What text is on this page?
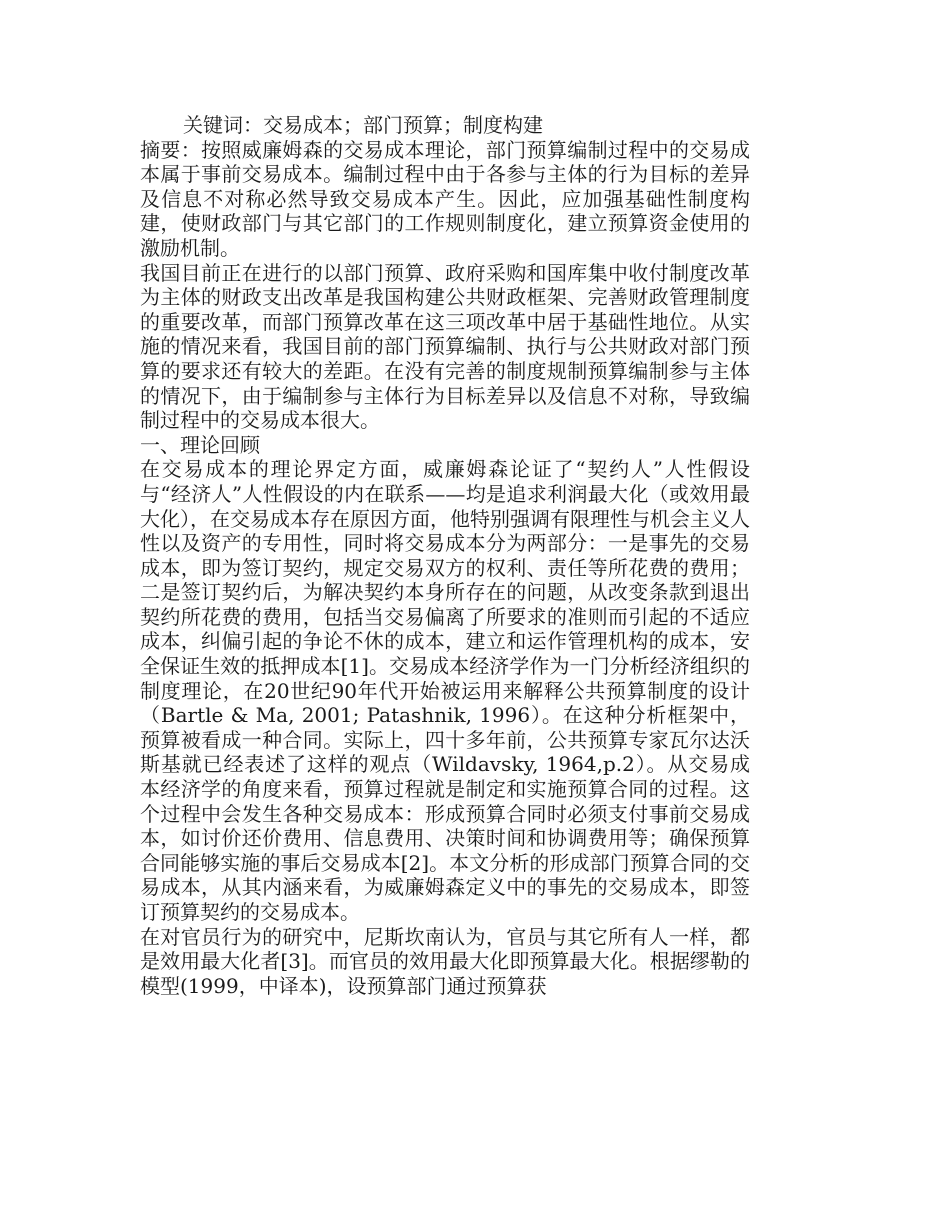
关键词：交易成本；部门预算；制度构建

摘要：按照威廉姆森的交易成本理论，部门预算编制过程中的交易成本属于事前交易成本。编制过程中由于各参与主体的行为目标的差异及信息不对称必然导致交易成本产生。因此，应加强基础性制度构建，使财政部门与其它部门的工作规则制度化，建立预算资金使用的激励机制。

我国目前正在进行的以部门预算、政府采购和国库集中收付制度改革为主体的财政支出改革是我国构建公共财政框架、完善财政管理制度的重要改革，而部门预算改革在这三项改革中居于基础性地位。从实施的情况来看，我国目前的部门预算编制、执行与公共财政对部门预算的要求还有较大的差距。在没有完善的制度规制预算编制参与主体的情况下，由于编制参与主体行为目标差异以及信息不对称，导致编制过程中的交易成本很大。

一、理论回顾

在交易成本的理论界定方面，威廉姆森论证了“契约人”人性假设与“经济人”人性假设的内在联系——均是追求利润最大化（或效用最大化），在交易成本存在原因方面，他特别强调有限理性与机会主义人性以及资产的专用性，同时将交易成本分为两部分：一是事先的交易成本，即为签订契约，规定交易双方的权利、责任等所花费的费用；二是签订契约后，为解决契约本身所存在的问题，从改变条款到退出契约所花费的费用，包括当交易偏离了所要求的准则而引起的不适应成本，纠偏引起的争论不休的成本，建立和运作管理机构的成本，安全保证生效的抵押成本[1]。交易成本经济学作为一门分析经济组织的制度理论，在20世纪90年代开始被运用来解释公共预算制度的设计（Bartle & Ma, 2001; Patashnik, 1996）。在这种分析框架中，预算被看成一种合同。实际上，四十多年前，公共预算专家瓦尔达沃斯基就已经表述了这样的观点（Wildavsky, 1964,p.2）。从交易成本经济学的角度来看，预算过程就是制定和实施预算合同的过程。这个过程中会发生各种交易成本：形成预算合同时必须支付事前交易成本，如讨价还价费用、信息费用、决策时间和协调费用等；确保预算合同能够实施的事后交易成本[2]。本文分析的形成部门预算合同的交易成本，从其内涵来看，为威廉姆森定义中的事先的交易成本，即签订预算契约的交易成本。

在对官员行为的研究中，尼斯坎南认为，官员与其它所有人一样，都是效用最大化者[3]。而官员的效用最大化即预算最大化。根据缪勒的模型(1999，中译本)，设预算部门通过预算获
